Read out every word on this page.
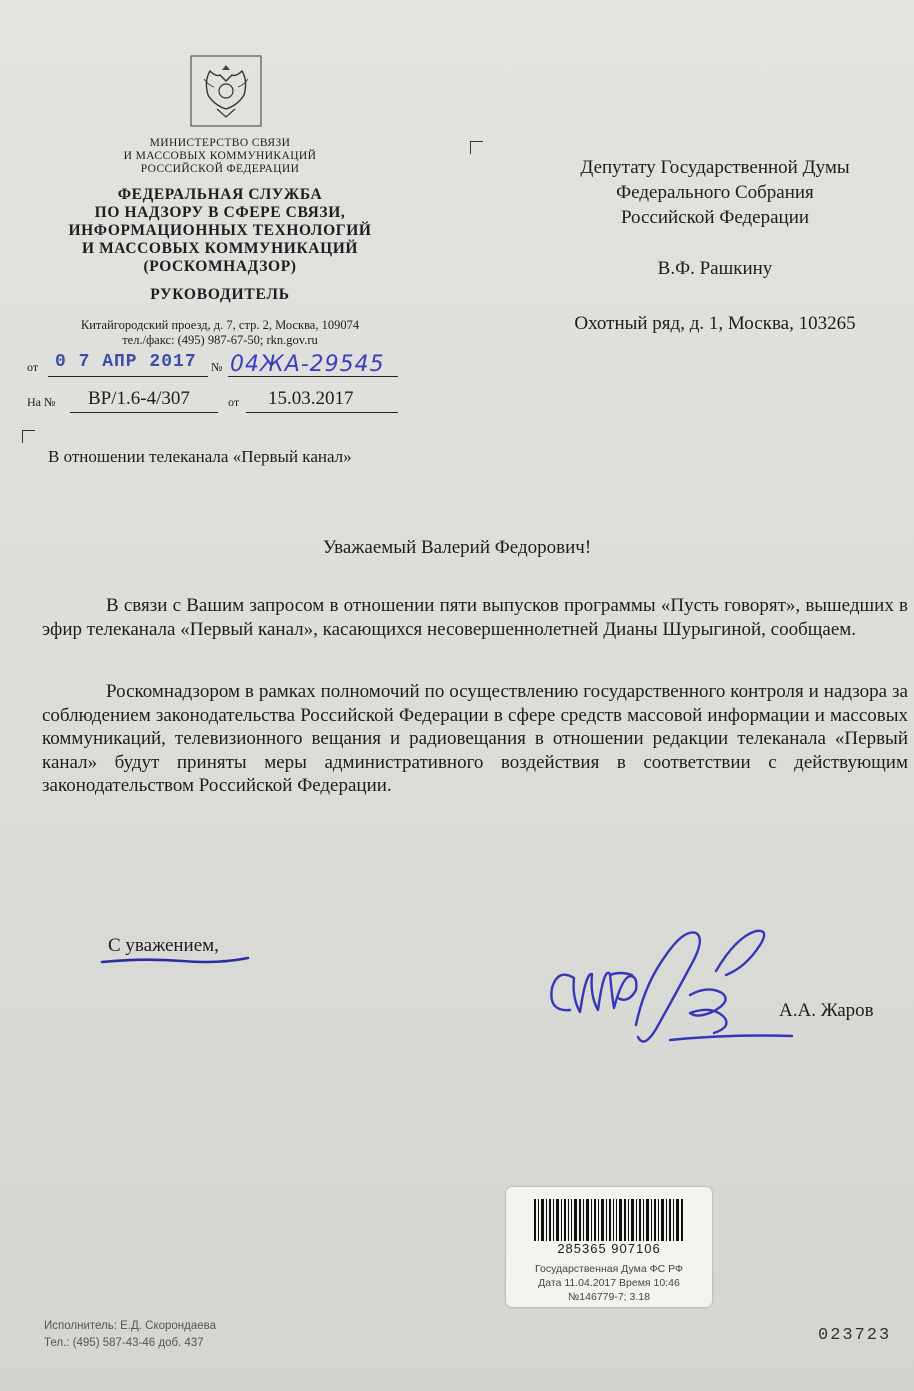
МИНИСТЕРСТВО СВЯЗИ
И МАССОВЫХ КОММУНИКАЦИЙ
РОССИЙСКОЙ ФЕДЕРАЦИИ
ФЕДЕРАЛЬНАЯ СЛУЖБА
ПО НАДЗОРУ В СФЕРЕ СВЯЗИ,
ИНФОРМАЦИОННЫХ ТЕХНОЛОГИЙ
И МАССОВЫХ КОММУНИКАЦИЙ
(РОСКОМНАДЗОР)
РУКОВОДИТЕЛЬ
Китайгородский проезд, д. 7, стр. 2, Москва, 109074
тел./факс: (495) 987-67-50; rkn.gov.ru
от 0 7 АПР 2017 № 04ЖА-29545
На № ВР/1.6-4/307	от 15.03.2017
Депутату Государственной Думы
Федерального Собрания
Российской Федерации
В.Ф. Рашкину
Охотный ряд, д. 1, Москва, 103265
В отношении телеканала «Первый канал»
Уважаемый Валерий Федорович!
В связи с Вашим запросом в отношении пяти выпусков программы «Пусть говорят», вышедших в эфир телеканала «Первый канал», касающихся несовершеннолетней Дианы Шурыгиной, сообщаем.
Роскомнадзором в рамках полномочий по осуществлению государственного контроля и надзора за соблюдением законодательства Российской Федерации в сфере средств массовой информации и массовых коммуникаций, телевизионного вещания и радиовещания в отношении редакции телеканала «Первый канал» будут приняты меры административного воздействия в соответствии с действующим законодательством Российской Федерации.
С уважением,
А.А. Жаров
285365 907106
Государственная Дума ФС РФ
Дата 11.04.2017 Время 10:46
№146779-7; 3.18
Исполнитель: Е.Д. Скорондаева
Тел.: (495) 587-43-46 доб. 437	023723
